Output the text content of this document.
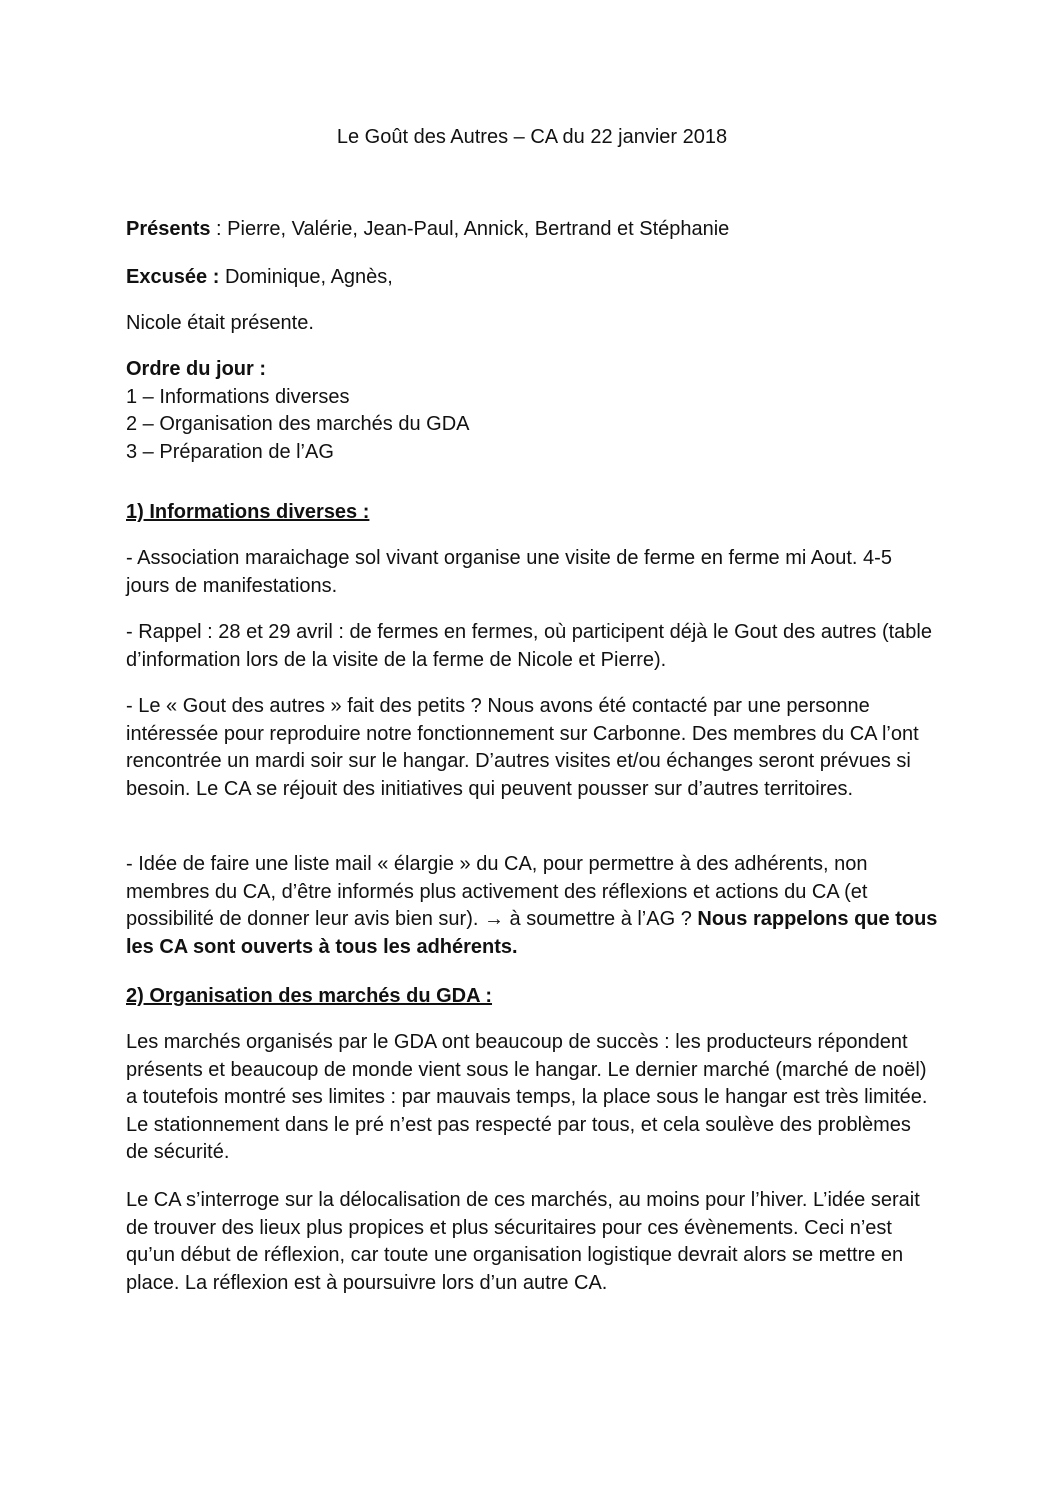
Le Goût des Autres – CA du 22 janvier 2018

Présents : Pierre, Valérie, Jean-Paul, Annick, Bertrand et Stéphanie

Excusée : Dominique, Agnès,

Nicole était présente.

Ordre du jour :
1 – Informations diverses
2 – Organisation des marchés du GDA
3 – Préparation de l’AG

1) Informations diverses :

- Association maraichage sol vivant organise une visite de ferme en ferme mi Aout. 4-5 jours de manifestations.

- Rappel : 28 et 29 avril : de fermes en fermes, où participent déjà le Gout des autres (table d’information lors de la visite de la ferme de Nicole et Pierre).

- Le « Gout des autres » fait des petits ? Nous avons été contacté par une personne intéressée pour reproduire notre fonctionnement sur Carbonne. Des membres du CA l’ont rencontrée un mardi soir sur le hangar. D’autres visites et/ou échanges seront prévues si besoin. Le CA se réjouit des initiatives qui peuvent pousser sur d’autres territoires.

- Idée de faire une liste mail « élargie » du CA, pour permettre à des adhérents, non membres du CA, d’être informés plus activement des réflexions et actions du CA (et possibilité de donner leur avis bien sur). → à soumettre à l’AG ? Nous rappelons que tous les CA sont ouverts à tous les adhérents.

2) Organisation des marchés du GDA :

Les marchés organisés par le GDA ont beaucoup de succès : les producteurs répondent présents et beaucoup de monde vient sous le hangar. Le dernier marché (marché de noël) a toutefois montré ses limites : par mauvais temps, la place sous le hangar est très limitée. Le stationnement dans le pré n’est pas respecté par tous, et cela soulève des problèmes de sécurité.

Le CA s’interroge sur la délocalisation de ces marchés, au moins pour l’hiver. L’idée serait de trouver des lieux plus propices et plus sécuritaires pour ces évènements. Ceci n’est qu’un début de réflexion, car toute une organisation logistique devrait alors se mettre en place. La réflexion est à poursuivre lors d’un autre CA.
